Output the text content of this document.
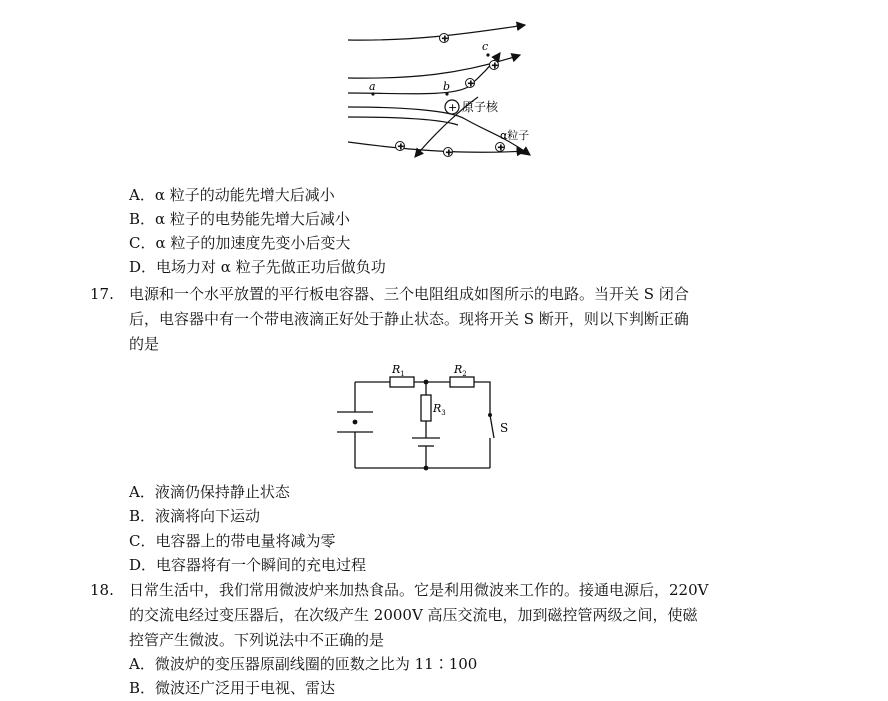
+
+
+
+
+
+
+ 原子核
a	b
c
α粒子
A．α 粒子的动能先增大后减小
B．α 粒子的电势能先增大后减小
C．α 粒子的加速度先变小后变大
D．电场力对 α 粒子先做正功后做负功
17. 电源和一个水平放置的平行板电容器、三个电阻组成如图所示的电路。当开关 S 闭合
后，电容器中有一个带电液滴正好处于静止状态。现将开关 S 断开，则以下判断正确
的是
$R_1$	$R_2$
$R_3$
S
A．液滴仍保持静止状态
B．液滴将向下运动
C．电容器上的带电量将减为零
D．电容器将有一个瞬间的充电过程
18. 日常生活中，我们常用微波炉来加热食品。它是利用微波来工作的。接通电源后，220V
的交流电经过变压器后，在次级产生 2000V 高压交流电，加到磁控管两级之间，使磁
控管产生微波。下列说法中不正确的是
A．微波炉的变压器原副线圈的匝数之比为 11∶100
B．微波还广泛用于电视、雷达
